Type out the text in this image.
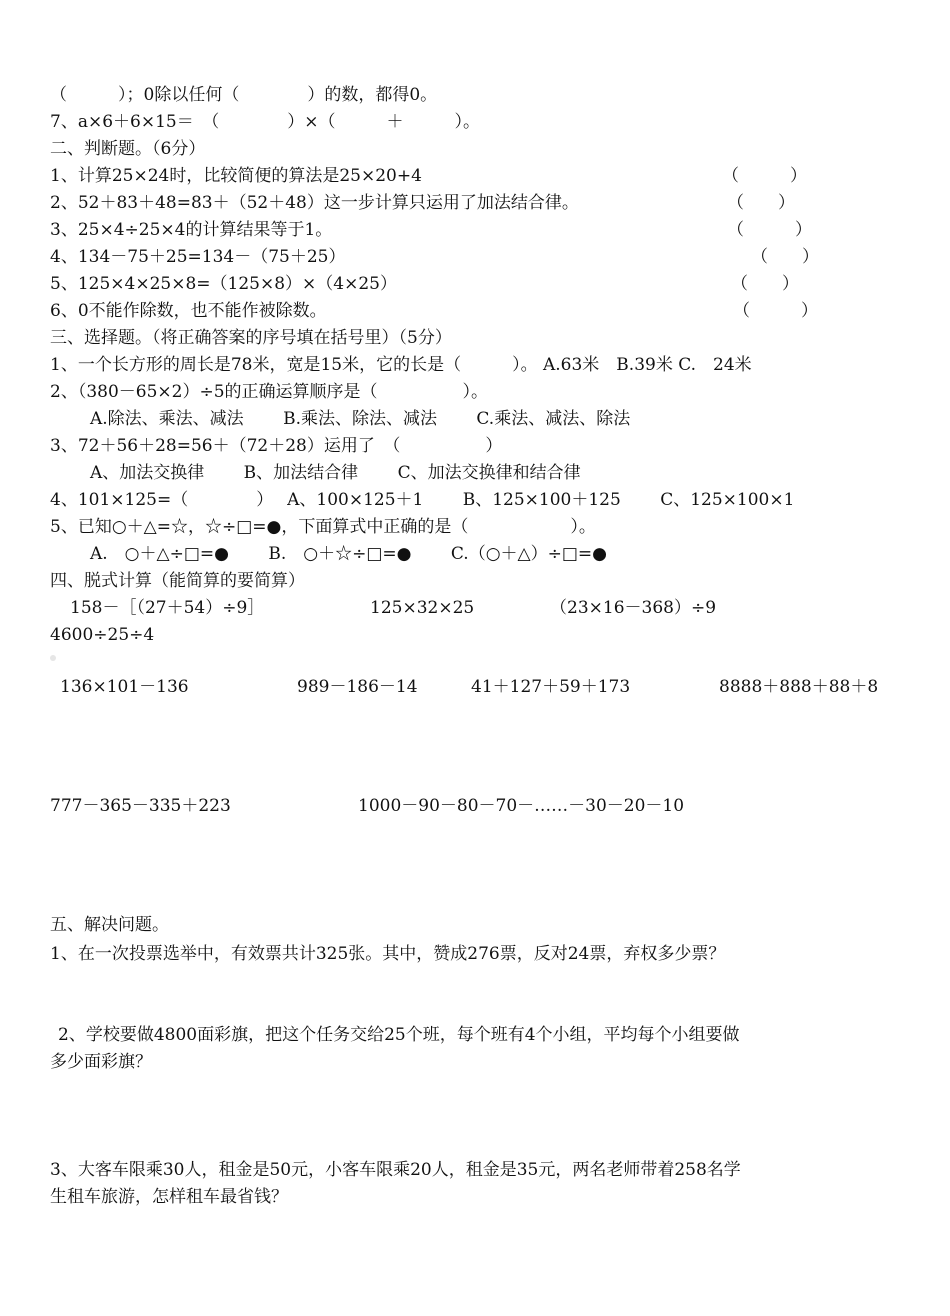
（　　　）；0除以任何（　　　　）的数，都得0。
7、a×6＋6×15＝　（　　　　）×（　　　＋　　　）。
二、判断题。（6分）
1、计算25×24时，比较简便的算法是25×20+4	（　　　）
2、52＋83＋48=83＋（52＋48）这一步计算只运用了加法结合律。	（　　）
3、25×4÷25×4的计算结果等于1。	（　　　）
4、134－75＋25=134－（75＋25）	（　　）
5、125×4×25×8=（125×8）×（4×25）	（　　）
6、0不能作除数，也不能作被除数。	（　　　）
三、选择题。（将正确答案的序号填在括号里）（5分）
1、一个长方形的周长是78米，宽是15米，它的长是（　　　）。 A.63米　B.39米 C.　24米
2、（380－65×2）÷5的正确运算顺序是（　　　　　）。
A.除法、乘法、减法　　 B.乘法、除法、减法　　 C.乘法、减法、除法
3、72＋56＋28=56＋（72＋28）运用了　（　　　　　）
A、加法交换律　　 B、加法结合律　　 C、加法交换律和结合律
4、101×125=（　　　　）　 A、100×125＋1　　 B、125×100＋125　　 C、125×100×1
5、已知○＋△=☆，☆÷□=●，下面算式中正确的是（　　　　　　）。
A.　○＋△÷□=●　　 B.　○＋☆÷□=●　　 C.（○＋△）÷□=●
四、脱式计算（能简算的要简算）
158－［（27＋54）÷9］	125×32×25	（23×16－368）÷9
4600÷25÷4
136×101－136	989－186－14	41＋127＋59＋173	8888＋888＋88＋8
777－365－335＋223	1000－90－80－70－……－30－20－10
五、解决问题。
1、在一次投票选举中，有效票共计325张。其中，赞成276票，反对24票，弃权多少票？
2、学校要做4800面彩旗，把这个任务交给25个班，每个班有4个小组，平均每个小组要做
多少面彩旗？
3、大客车限乘30人，租金是50元，小客车限乘20人，租金是35元，两名老师带着258名学
生租车旅游，怎样租车最省钱？
